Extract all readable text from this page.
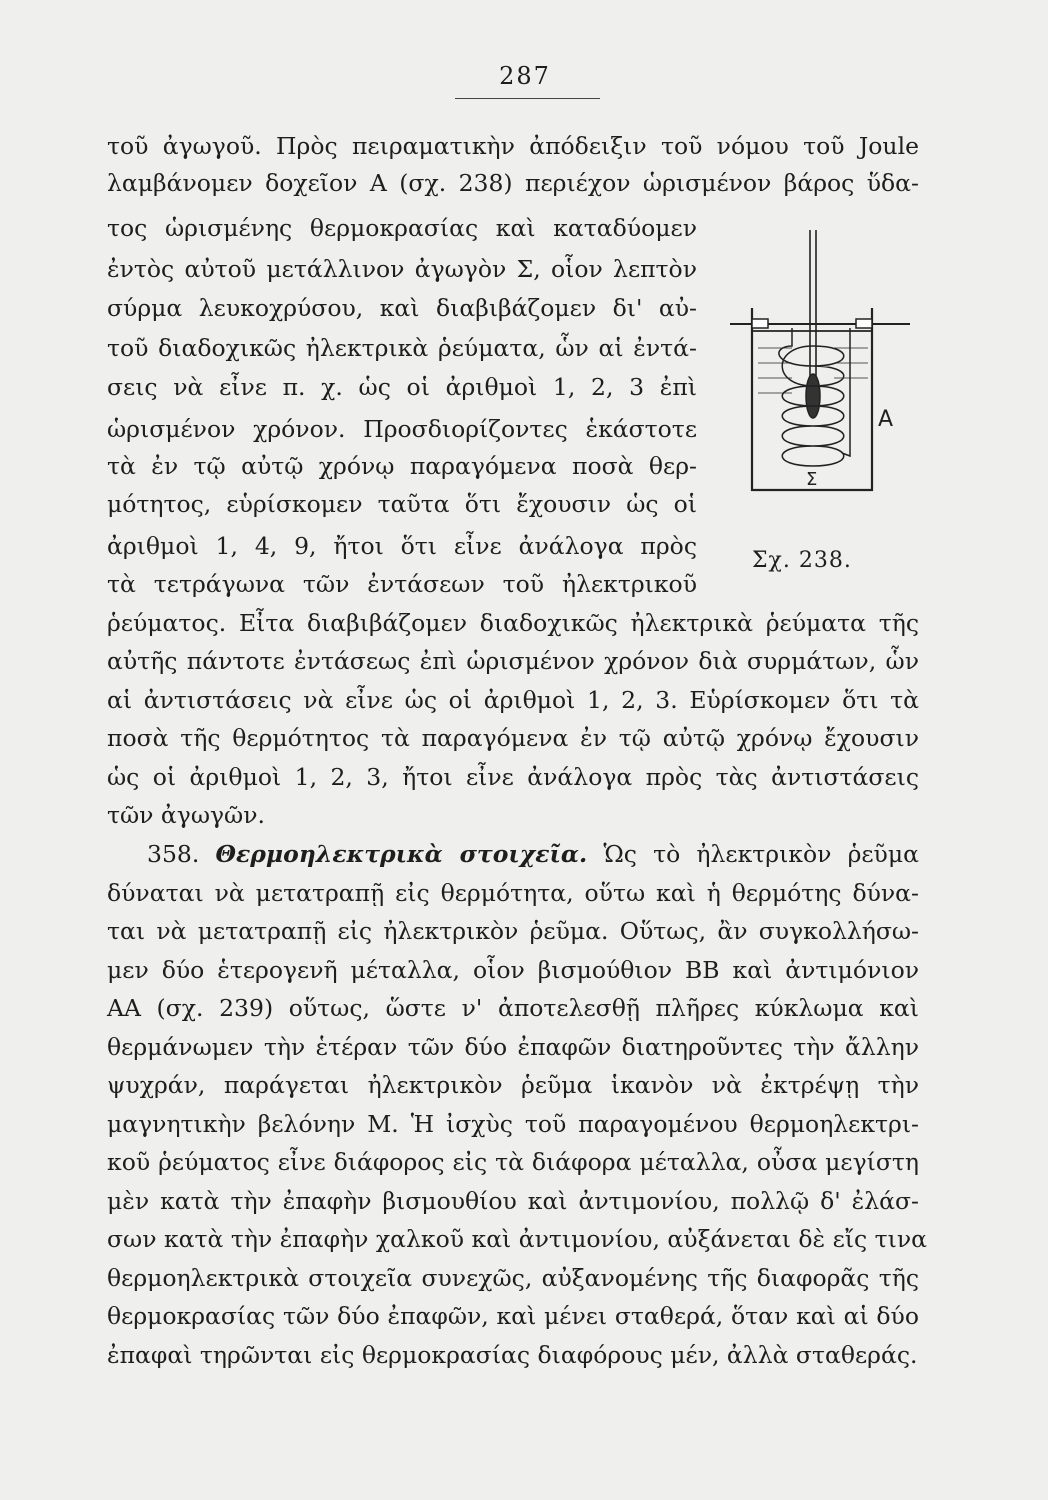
287
τοῦ ἀγωγοῦ. Πρὸς πειραματικὴν ἀπόδειξιν τοῦ νόμου τοῦ Joule
λαμβάνομεν δοχεῖον Α (σχ. 238) περιέχον ὡρισμένον βάρος ὕδα-
τος ὡρισμένης θερμοκρασίας καὶ καταδύομεν
ἐντὸς αὐτοῦ μετάλλινον ἀγωγὸν Σ, οἷον λεπτὸν
σύρμα λευκοχρύσου, καὶ διαβιβάζομεν δι' αὐ-
τοῦ διαδοχικῶς ἠλεκτρικὰ ῥεύματα, ὧν αἱ ἐντά-
σεις νὰ εἶνε π. χ. ὡς οἱ ἀριθμοὶ 1, 2, 3 ἐπὶ
ὡρισμένον χρόνον. Προσδιορίζοντες ἑκάστοτε
τὰ ἐν τῷ αὐτῷ χρόνῳ παραγόμενα ποσὰ θερ-
μότητος, εὑρίσκομεν ταῦτα ὅτι ἔχουσιν ὡς οἱ
ἀριθμοὶ 1, 4, 9, ἤτοι ὅτι εἶνε ἀνάλογα πρὸς
τὰ τετράγωνα τῶν ἐντάσεων τοῦ ἠλεκτρικοῦ
ῥεύματος. Εἶτα διαβιβάζομεν διαδοχικῶς ἠλεκτρικὰ ῥεύματα τῆς
αὐτῆς πάντοτε ἐντάσεως ἐπὶ ὡρισμένον χρόνον διὰ συρμάτων, ὧν
αἱ ἀντιστάσεις νὰ εἶνε ὡς οἱ ἀριθμοὶ 1, 2, 3. Εὑρίσκομεν ὅτι τὰ
ποσὰ τῆς θερμότητος τὰ παραγόμενα ἐν τῷ αὐτῷ χρόνῳ ἔχουσιν
ὡς οἱ ἀριθμοὶ 1, 2, 3, ἤτοι εἶνε ἀνάλογα πρὸς τὰς ἀντιστάσεις
τῶν ἀγωγῶν.
358. Θερμοηλεκτρικὰ στοιχεῖα. Ὡς τὸ ἠλεκτρικὸν ῥεῦμα
δύναται νὰ μετατραπῇ εἰς θερμότητα, οὕτω καὶ ἡ θερμότης δύνα-
ται νὰ μετατραπῇ εἰς ἠλεκτρικὸν ῥεῦμα. Οὕτως, ἂν συγκολλήσω-
μεν δύο ἑτερογενῆ μέταλλα, οἷον βισμούθιον ΒΒ καὶ ἀντιμόνιον
ΑΑ (σχ. 239) οὕτως, ὥστε ν' ἀποτελεσθῇ πλῆρες κύκλωμα καὶ
θερμάνωμεν τὴν ἑτέραν τῶν δύο ἐπαφῶν διατηροῦντες τὴν ἄλλην
ψυχράν, παράγεται ἠλεκτρικὸν ῥεῦμα ἱκανὸν νὰ ἐκτρέψῃ τὴν
μαγνητικὴν βελόνην Μ. Ἡ ἰσχὺς τοῦ παραγομένου θερμοηλεκτρι-
κοῦ ῥεύματος εἶνε διάφορος εἰς τὰ διάφορα μέταλλα, οὖσα μεγίστη
μὲν κατὰ τὴν ἐπαφὴν βισμουθίου καὶ ἀντιμονίου, πολλῷ δ' ἐλάσ-
σων κατὰ τὴν ἐπαφὴν χαλκοῦ καὶ ἀντιμονίου, αὐξάνεται δὲ εἴς τινα
θερμοηλεκτρικὰ στοιχεῖα συνεχῶς, αὐξανομένης τῆς διαφορᾶς τῆς
θερμοκρασίας τῶν δύο ἐπαφῶν, καὶ μένει σταθερά, ὅταν καὶ αἱ δύο
ἐπαφαὶ τηρῶνται εἰς θερμοκρασίας διαφόρους μέν, ἀλλὰ σταθεράς.
A
Σ
Σχ. 238.
